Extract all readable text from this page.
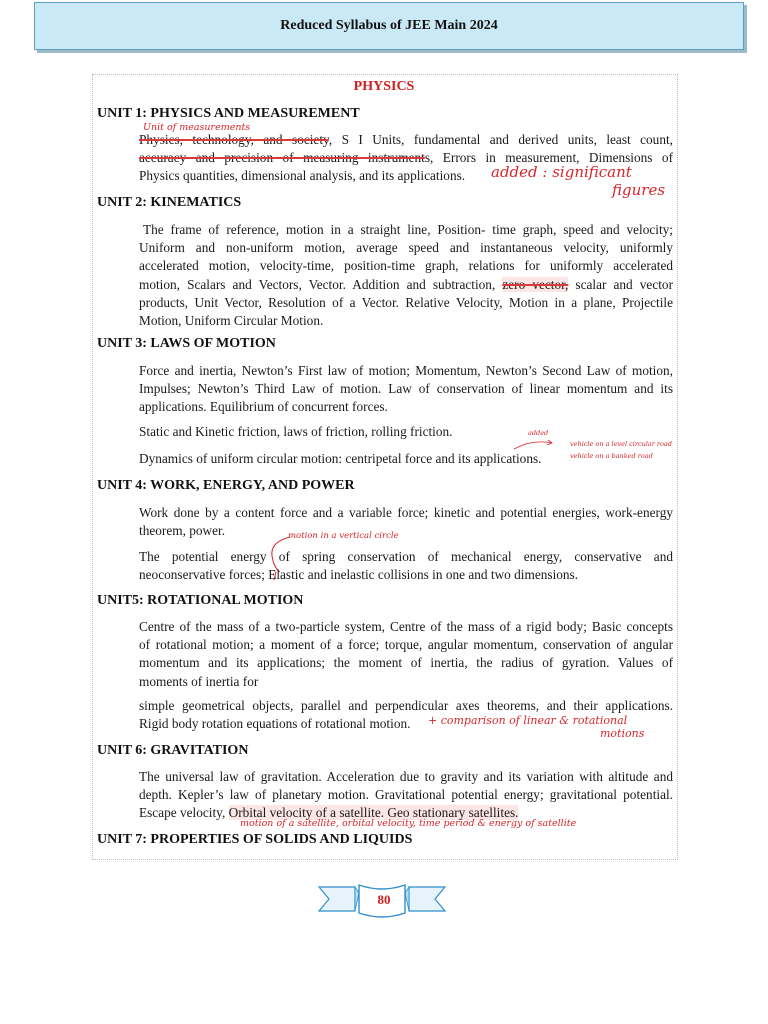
Reduced Syllabus of JEE Main 2024
PHYSICS
UNIT 1: PHYSICS AND MEASUREMENT
Unit of measurements
Physics, technology, and society, S I Units, fundamental and derived units, least count,
accuracy and precision of measuring instruments, Errors in measurement, Dimensions of
Physics quantities, dimensional analysis, and its applications.	added : significant
figures
UNIT 2: KINEMATICS
The frame of reference, motion in a straight line, Position- time graph, speed and velocity;
Uniform and non-uniform motion, average speed and instantaneous velocity, uniformly
accelerated motion, velocity-time, position-time graph, relations for uniformly accelerated
motion, Scalars and Vectors, Vector. Addition and subtraction, zero vector, scalar and vector
products, Unit Vector, Resolution of a Vector. Relative Velocity, Motion in a plane, Projectile
Motion, Uniform Circular Motion.
UNIT 3: LAWS OF MOTION
Force and inertia, Newton’s First law of motion; Momentum, Newton’s Second Law of motion,
Impulses; Newton’s Third Law of motion. Law of conservation of linear momentum and its
applications. Equilibrium of concurrent forces.
Static and Kinetic friction, laws of friction, rolling friction.	added
vehicle on a level circular road
vehicle on a banked road
Dynamics of uniform circular motion: centripetal force and its applications.
UNIT 4: WORK, ENERGY, AND POWER
Work done by a content force and a variable force; kinetic and potential energies, work-energy
theorem, power.	motion in a vertical circle
The potential energy of spring conservation of mechanical energy, conservative and
neoconservative forces; Elastic and inelastic collisions in one and two dimensions.
UNIT5: ROTATIONAL MOTION
Centre of the mass of a two-particle system, Centre of the mass of a rigid body; Basic concepts
of rotational motion; a moment of a force; torque, angular momentum, conservation of angular
momentum and its applications; the moment of inertia, the radius of gyration. Values of
moments of inertia for
simple geometrical objects, parallel and perpendicular axes theorems, and their applications.
Rigid body rotation equations of rotational motion.	+ comparison of linear & rotational
motions
UNIT 6: GRAVITATION
The universal law of gravitation. Acceleration due to gravity and its variation with altitude and
depth. Kepler’s law of planetary motion. Gravitational potential energy; gravitational potential.
Escape velocity, Orbital velocity of a satellite. Geo stationary satellites.
motion of a satellite, orbital velocity, time period & energy of satellite
UNIT 7: PROPERTIES OF SOLIDS AND LIQUIDS
80
